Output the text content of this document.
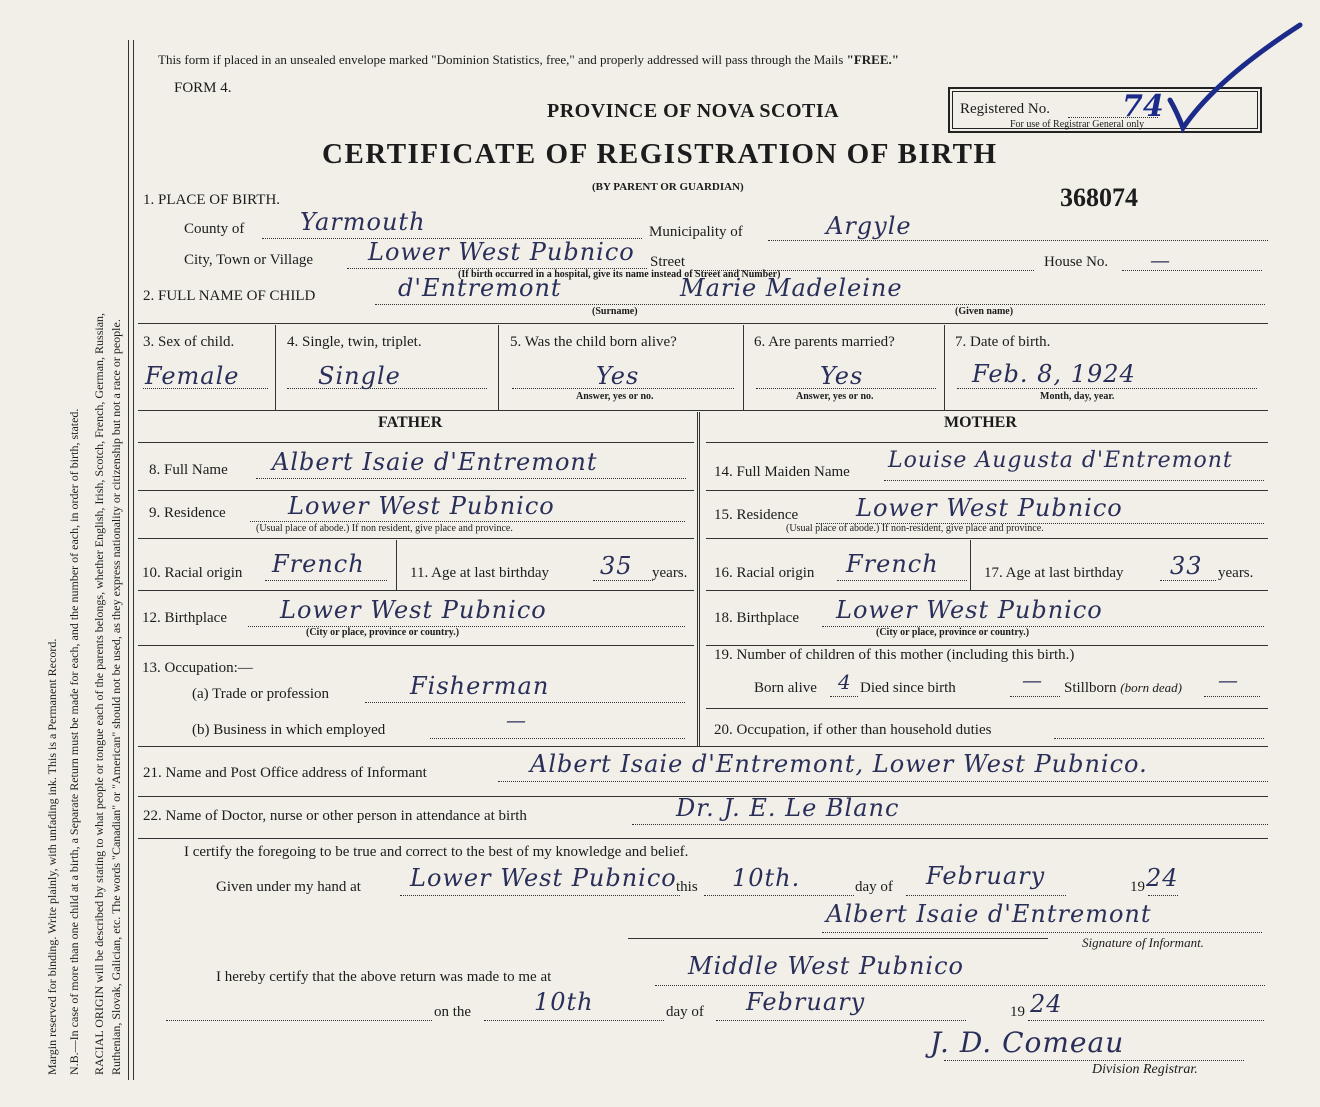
Margin reserved for binding. Write plainly, with unfading ink. This is a Permanent Record. N.B.—In case of more than one child at a birth, a Separate Return must be made for each, and the number of each, in order of birth, stated. RACIAL ORIGIN will be described by stating to what people or tongue each of the parents belongs, whether English, Irish, Scotch, French, German, Russian, Ruthenian, Slovak, Galician, etc. The words "Canadian" or "American" should not be used, as they express nationality or citizenship but not a race or people.
This form if placed in an unsealed envelope marked "Dominion Statistics, free," and properly addressed will pass through the Mails "FREE."
FORM 4.
PROVINCE OF NOVA SCOTIA
CERTIFICATE OF REGISTRATION OF BIRTH
(BY PARENT OR GUARDIAN)	368074
Registered No. 74
For use of Registrar General only
1. PLACE OF BIRTH.
County of Yarmouth	Municipality of	Argyle
City, Town or Village Lower West Pubnico Street
(If birth occurred in a hospital, give its name instead of Street and Number)
House No. —
2. FULL NAME OF CHILD	d'Entremont	Marie Madeleine
(Surname)	(Given name)
3. Sex of child.
Female
4. Single, twin, triplet.
Single
5. Was the child born alive?
Yes
Answer, yes or no.
6. Are parents married?
Yes
Answer, yes or no.
7. Date of birth.
Feb. 8, 1924
Month, day, year.
FATHER	MOTHER
8. Full Name Albert Isaie d'Entremont
9. Residence	Lower West Pubnico
(Usual place of abode.) If non resident, give place and province.
10. Racial origin French	11. Age at last birthday 35 years.
12. Birthplace Lower West Pubnico
(City or place, province or country.)
13. Occupation:—
(a) Trade or profession	Fisherman
(b) Business in which employed	—
14. Full Maiden Name Louise Augusta d'Entremont
15. Residence Lower West Pubnico
(Usual place of abode.) If non-resident, give place and province.
16. Racial origin French	17. Age at last birthday 33 years.
18. Birthplace Lower West Pubnico
(City or place, province or country.)
19. Number of children of this mother (including this birth.)
Born alive 4 Died since birth	— Stillborn (born dead) —
20. Occupation, if other than household duties
21. Name and Post Office address of Informant	Albert Isaie d'Entremont, Lower West Pubnico.
22. Name of Doctor, nurse or other person in attendance at birth	Dr. J. E. Le Blanc
I certify the foregoing to be true and correct to the best of my knowledge and belief.
Given under my hand at Lower West Pubnico this 10th.	day of February	19 24
Albert Isaie d'Entremont
Signature of Informant.
I hereby certify that the above return was made to me at	Middle West Pubnico
on the	10th	day of February	19 24
J. D. Comeau
Division Registrar.
